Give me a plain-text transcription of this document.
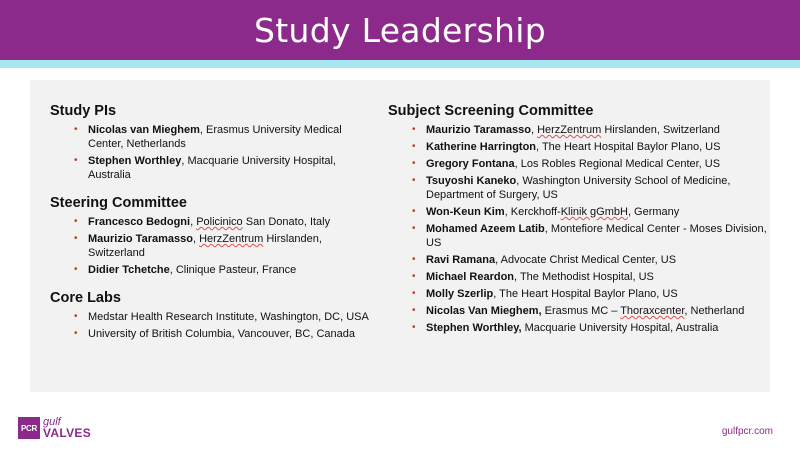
Study Leadership
Study PIs
• Nicolas van Mieghem, Erasmus University Medical Center, Netherlands
• Stephen Worthley, Macquarie University Hospital, Australia
Steering Committee
• Francesco Bedogni, Policinico San Donato, Italy
• Maurizio Taramasso, HerzZentrum Hirslanden, Switzerland
• Didier Tchetche, Clinique Pasteur, France
Core Labs
• Medstar Health Research Institute, Washington, DC, USA
• University of British Columbia, Vancouver, BC, Canada
Subject Screening Committee
• Maurizio Taramasso, HerzZentrum Hirslanden, Switzerland
• Katherine Harrington, The Heart Hospital Baylor Plano, US
• Gregory Fontana, Los Robles Regional Medical Center, US
• Tsuyoshi Kaneko, Washington University School of Medicine, Department of Surgery, US
• Won-Keun Kim, Kerckhoff-Klinik gGmbH, Germany
• Mohamed Azeem Latib, Montefiore Medical Center - Moses Division, US
• Ravi Ramana, Advocate Christ Medical Center, US
• Michael Reardon, The Methodist Hospital, US
• Molly Szerlip, The Heart Hospital Baylor Plano, US
• Nicolas Van Mieghem, Erasmus MC – Thoraxcenter, Netherland
• Stephen Worthley, Macquarie University Hospital, Australia
PCR gulf
VALVES	gulfpcr.com
